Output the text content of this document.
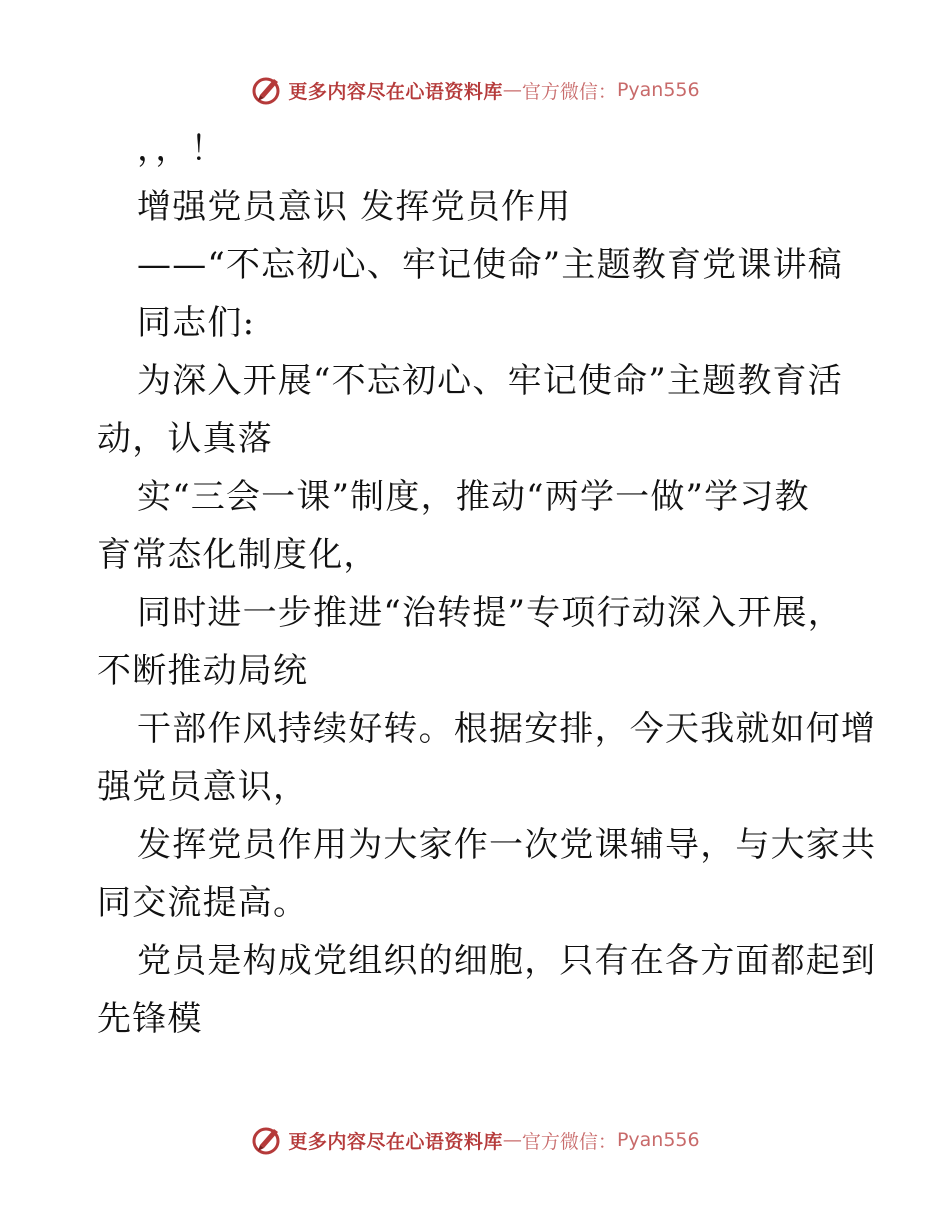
更多内容尽在心语资料库 — 官方微信： Pyan556
，，！
增强党员意识 发挥党员作用
——“不忘初心、牢记使命”主题教育党课讲稿
同志们:
为深入开展“不忘初心、牢记使命”主题教育活
动，认真落
实“三会一课”制度，推动“两学一做”学习教
育常态化制度化，
同时进一步推进“治转提”专项行动深入开展，
不断推动局统
干部作风持续好转。根据安排，今天我就如何增
强党员意识，
发挥党员作用为大家作一次党课辅导，与大家共
同交流提高。
党员是构成党组织的细胞，只有在各方面都起到
先锋模
更多内容尽在心语资料库 — 官方微信： Pyan556
